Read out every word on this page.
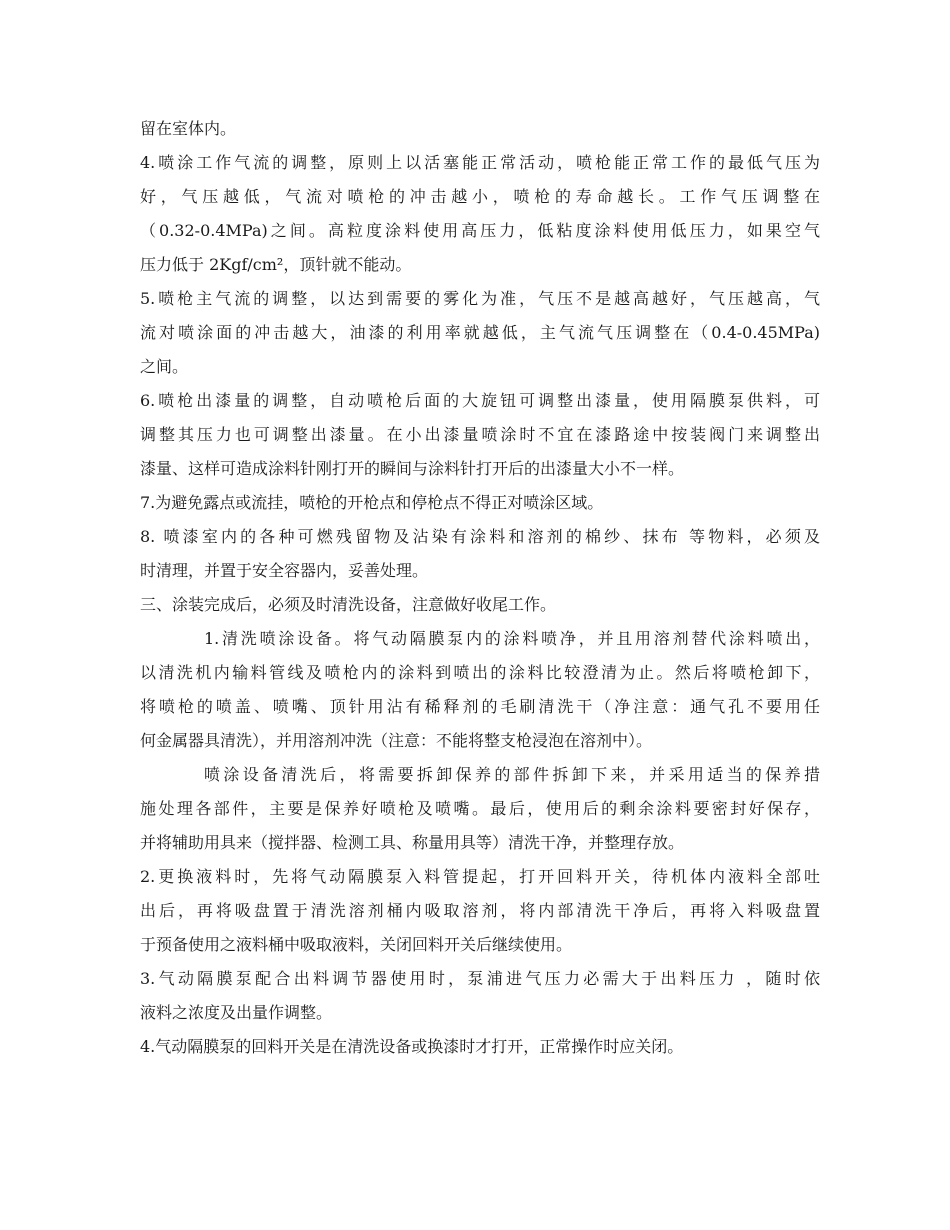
留在室体内。
4.喷涂工作气流的调整，原则上以活塞能正常活动，喷枪能正常工作的最低气压为
好，气压越低，气流对喷枪的冲击越小，喷枪的寿命越长。工作气压调整在
（0.32-0.4MPa)之间。高粒度涂料使用高压力，低粘度涂料使用低压力，如果空气
压力低于 2Kgf/cm²，顶针就不能动。
5.喷枪主气流的调整，以达到需要的雾化为准，气压不是越高越好，气压越高，气
流对喷涂面的冲击越大，油漆的利用率就越低，主气流气压调整在（0.4-0.45MPa)
之间。
6.喷枪出漆量的调整，自动喷枪后面的大旋钮可调整出漆量，使用隔膜泵供料，可
调整其压力也可调整出漆量。在小出漆量喷涂时不宜在漆路途中按装阀门来调整出
漆量、这样可造成涂料针刚打开的瞬间与涂料针打开后的出漆量大小不一样。
7.为避免露点或流挂，喷枪的开枪点和停枪点不得正对喷涂区域。
8. 喷漆室内的各种可燃残留物及沾染有涂料和溶剂的棉纱、抹布 等物料，必须及
时清理，并置于安全容器内，妥善处理。
三、涂装完成后，必须及时清洗设备，注意做好收尾工作。
1.清洗喷涂设备。将气动隔膜泵内的涂料喷净，并且用溶剂替代涂料喷出，
以清洗机内输料管线及喷枪内的涂料到喷出的涂料比较澄清为止。然后将喷枪卸下，
将喷枪的喷盖、喷嘴、顶针用沾有稀释剂的毛刷清洗干（净注意：通气孔不要用任
何金属器具清洗），并用溶剂冲洗（注意：不能将整支枪浸泡在溶剂中）。
喷涂设备清洗后，将需要拆卸保养的部件拆卸下来，并采用适当的保养措
施处理各部件，主要是保养好喷枪及喷嘴。最后，使用后的剩余涂料要密封好保存，
并将辅助用具来（搅拌器、检测工具、称量用具等）清洗干净，并整理存放。
2.更换液料时，先将气动隔膜泵入料管提起，打开回料开关，待机体内液料全部吐
出后，再将吸盘置于清洗溶剂桶内吸取溶剂，将内部清洗干净后，再将入料吸盘置
于预备使用之液料桶中吸取液料，关闭回料开关后继续使用。
3.气动隔膜泵配合出料调节器使用时，泵浦进气压力必需大于出料压力 ，随时依
液料之浓度及出量作调整。
4.气动隔膜泵的回料开关是在清洗设备或换漆时才打开，正常操作时应关闭。
